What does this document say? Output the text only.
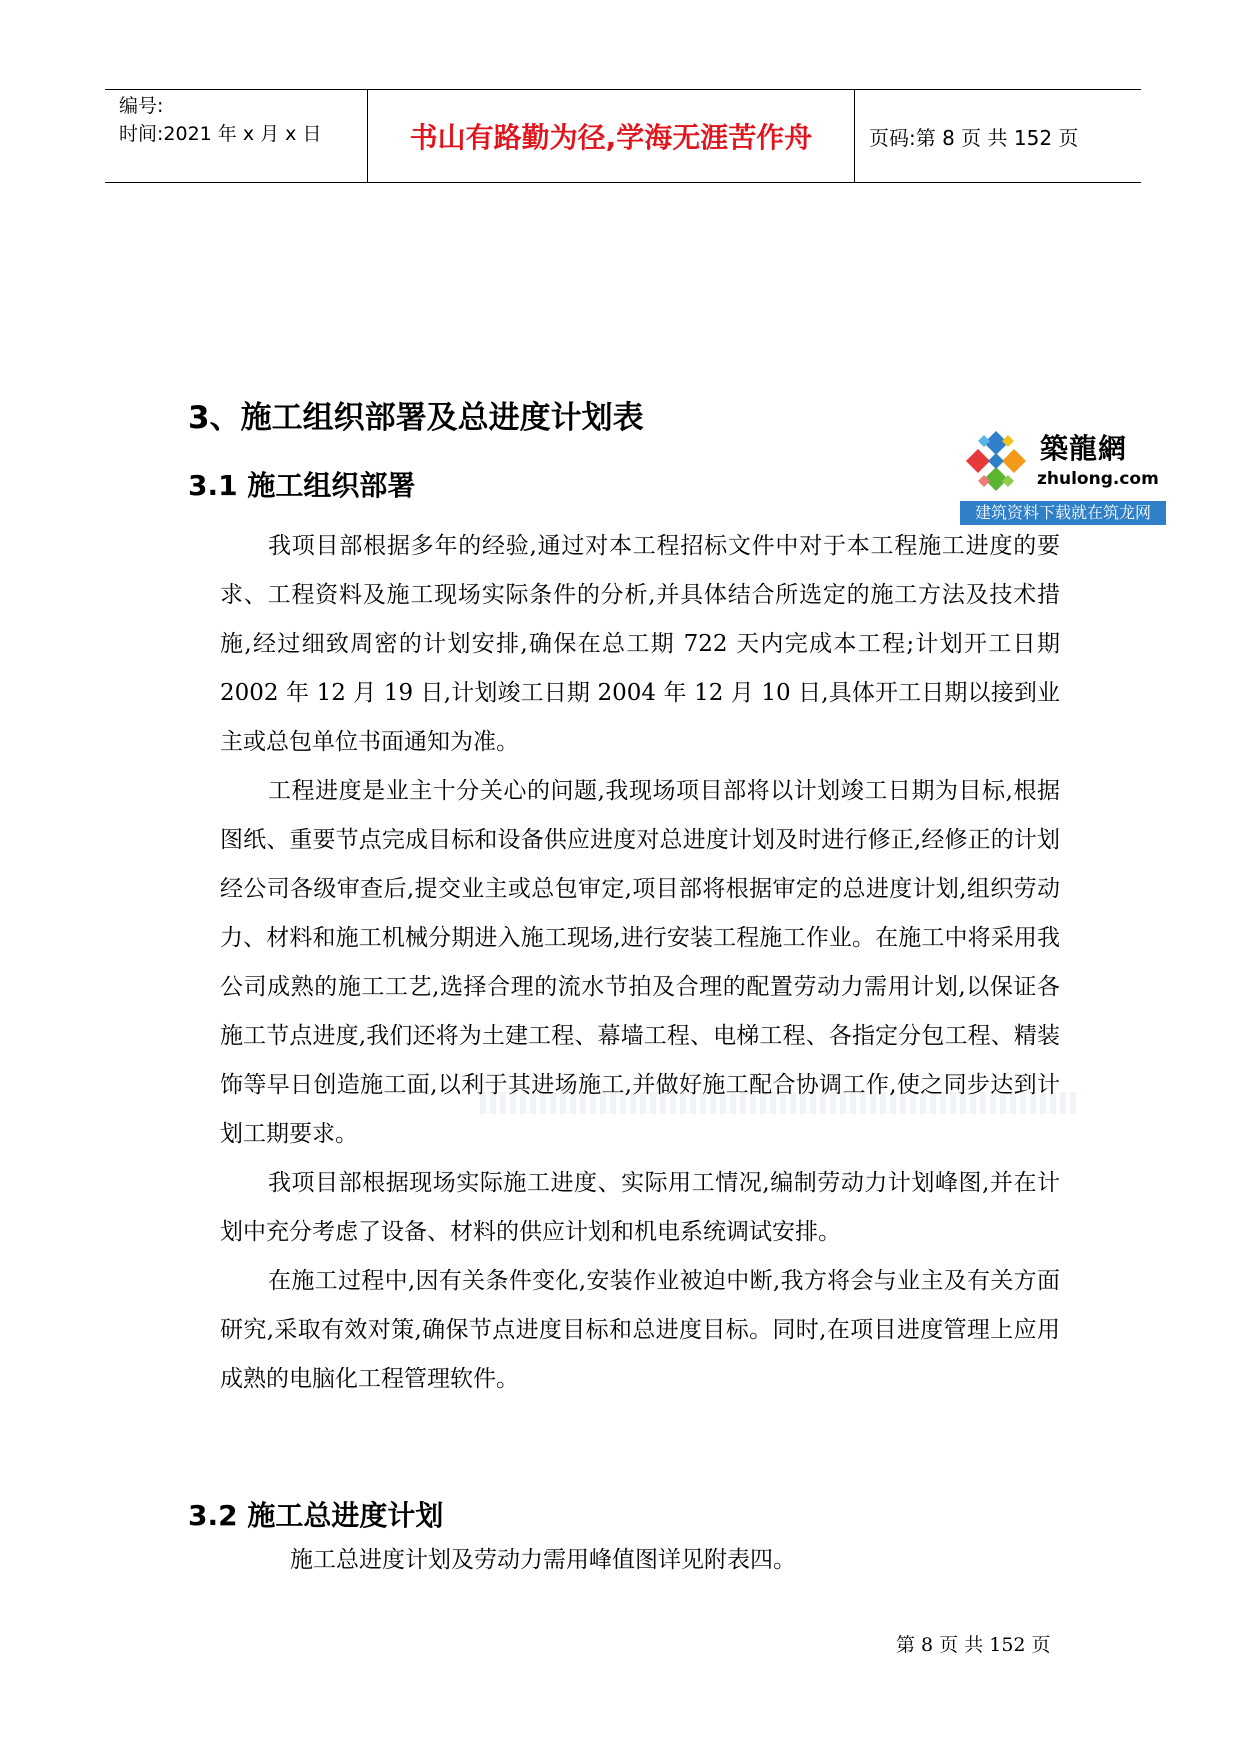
编号:
时间:2021 年 x 月 x 日	书山有路勤为径,学海无涯苦作舟	页码:第 8 页 共 152 页
築龍網
zhulong.com
建筑资料下载就在筑龙网
3、施工组织部署及总进度计划表
3.1 施工组织部署

我项目部根据多年的经验,通过对本工程招标文件中对于本工程施工进度的要求、工程资料及施工现场实际条件的分析,并具体结合所选定的施工方法及技术措施,经过细致周密的计划安排,确保在总工期 722 天内完成本工程;计划开工日期 2002 年 12 月 19 日,计划竣工日期 2004 年 12 月 10 日,具体开工日期以接到业主或总包单位书面通知为准。

工程进度是业主十分关心的问题,我现场项目部将以计划竣工日期为目标,根据图纸、重要节点完成目标和设备供应进度对总进度计划及时进行修正,经修正的计划经公司各级审查后,提交业主或总包审定,项目部将根据审定的总进度计划,组织劳动力、材料和施工机械分期进入施工现场,进行安装工程施工作业。在施工中将采用我公司成熟的施工工艺,选择合理的流水节拍及合理的配置劳动力需用计划,以保证各施工节点进度,我们还将为土建工程、幕墙工程、电梯工程、各指定分包工程、精装饰等早日创造施工面,以利于其进场施工,并做好施工配合协调工作,使之同步达到计划工期要求。

我项目部根据现场实际施工进度、实际用工情况,编制劳动力计划峰图,并在计划中充分考虑了设备、材料的供应计划和机电系统调试安排。

在施工过程中,因有关条件变化,安装作业被迫中断,我方将会与业主及有关方面研究,采取有效对策,确保节点进度目标和总进度目标。同时,在项目进度管理上应用成熟的电脑化工程管理软件。

3.2 施工总进度计划
施工总进度计划及劳动力需用峰值图详见附表四。
第 8 页 共 152 页
